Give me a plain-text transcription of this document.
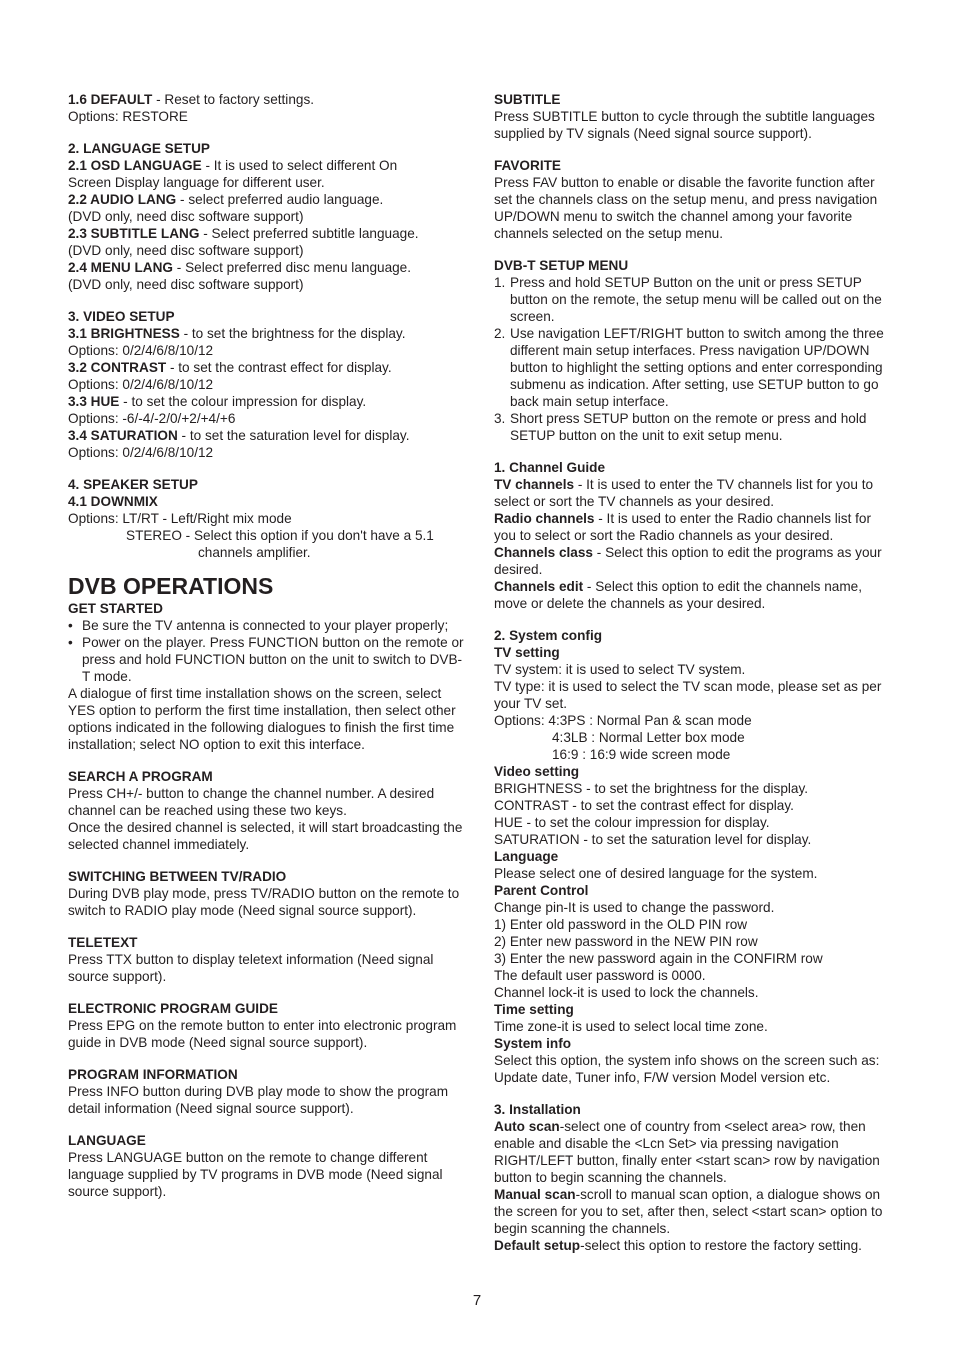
1.6 DEFAULT - Reset to factory settings.

Options: RESTORE

2. LANGUAGE SETUP

2.1 OSD LANGUAGE - It is used to select different On

Screen Display language for different user.

2.2 AUDIO LANG - select preferred audio language.

(DVD only, need disc software support)

2.3 SUBTITLE LANG - Select preferred subtitle language.

(DVD only, need disc software support)

2.4 MENU LANG - Select preferred disc menu language.

(DVD only, need disc software support)

3. VIDEO SETUP

3.1 BRIGHTNESS - to set the brightness for the display.

Options: 0/2/4/6/8/10/12

3.2 CONTRAST - to set the contrast effect for display.

Options: 0/2/4/6/8/10/12

3.3 HUE - to set the colour impression for display.

Options: -6/-4/-2/0/+2/+4/+6

3.4 SATURATION - to set the saturation level for display.

Options: 0/2/4/6/8/10/12

4. SPEAKER SETUP

4.1 DOWNMIX

Options: LT/RT - Left/Right mix mode

STEREO - Select this option if you don't have a 5.1

channels amplifier.

DVB OPERATIONS

GET STARTED

• Be sure the TV antenna is connected to your player properly;

• Power on the player. Press FUNCTION button on the remote or press and hold FUNCTION button on the unit to switch to DVB-T mode.

A dialogue of first time installation shows on the screen, select YES option to perform the first time installation, then select other options indicated in the following dialogues to finish the first time installation; select NO option to exit this interface.

SEARCH A PROGRAM

Press CH+/- button to change the channel number. A desired channel can be reached using these two keys.

Once the desired channel is selected, it will start broadcasting the selected channel immediately.

SWITCHING BETWEEN TV/RADIO

During DVB play mode, press TV/RADIO button on the remote to switch to RADIO play mode (Need signal source support).

TELETEXT

Press TTX button to display teletext information (Need signal source support).

ELECTRONIC PROGRAM GUIDE

Press EPG on the remote button to enter into electronic program guide in DVB mode (Need signal source support).

PROGRAM INFORMATION

Press INFO button during DVB play mode to show the program detail information (Need signal source support).

LANGUAGE

Press LANGUAGE button on the remote to change different language supplied by TV programs in DVB mode (Need signal source support).

SUBTITLE

Press SUBTITLE button to cycle through the subtitle languages supplied by TV signals (Need signal source support).

FAVORITE

Press FAV button to enable or disable the favorite function after set the channels class on the setup menu, and press navigation UP/DOWN menu to switch the channel among your favorite channels selected on the setup menu.

DVB-T SETUP MENU

1. Press and hold SETUP Button on the unit or press SETUP button on the remote, the setup menu will be called out on the screen.

2. Use navigation LEFT/RIGHT button to switch among the three different main setup interfaces. Press navigation UP/DOWN button to highlight the setting options and enter corresponding submenu as indication. After setting, use SETUP button to go back main setup interface.

3. Short press SETUP button on the remote or press and hold SETUP button on the unit to exit setup menu.

1. Channel Guide

TV channels - It is used to enter the TV channels list for you to select or sort the TV channels as your desired.

Radio channels - It is used to enter the Radio channels list for you to select or sort the Radio channels as your desired.

Channels class - Select this option to edit the programs as your desired.

Channels edit - Select this option to edit the channels name, move or delete the channels as your desired.

2. System config

TV setting

TV system: it is used to select TV system.

TV type: it is used to select the TV scan mode, please set as per your TV set.

Options: 4:3PS : Normal Pan & scan mode

4:3LB : Normal Letter box mode

16:9 : 16:9 wide screen mode

Video setting

BRIGHTNESS - to set the brightness for the display.

CONTRAST - to set the contrast effect for display.

HUE - to set the colour impression for display.

SATURATION - to set the saturation level for display.

Language

Please select one of desired language for the system.

Parent Control

Change pin-It is used to change the password.

1) Enter old password in the OLD PIN row

2) Enter new password in the NEW PIN row

3) Enter the new password again in the CONFIRM row

The default user password is 0000.

Channel lock-it is used to lock the channels.

Time setting

Time zone-it is used to select local time zone.

System info

Select this option, the system info shows on the screen such as: Update date, Tuner info, F/W version Model version etc.

3. Installation

Auto scan-select one of country from <select area> row, then enable and disable the <Lcn Set> via pressing navigation RIGHT/LEFT button, finally enter <start scan> row by navigation button to begin scanning the channels.

Manual scan-scroll to manual scan option, a dialogue shows on the screen for you to set, after then, select <start scan> option to begin scanning the channels.

Default setup-select this option to restore the factory setting.

7
